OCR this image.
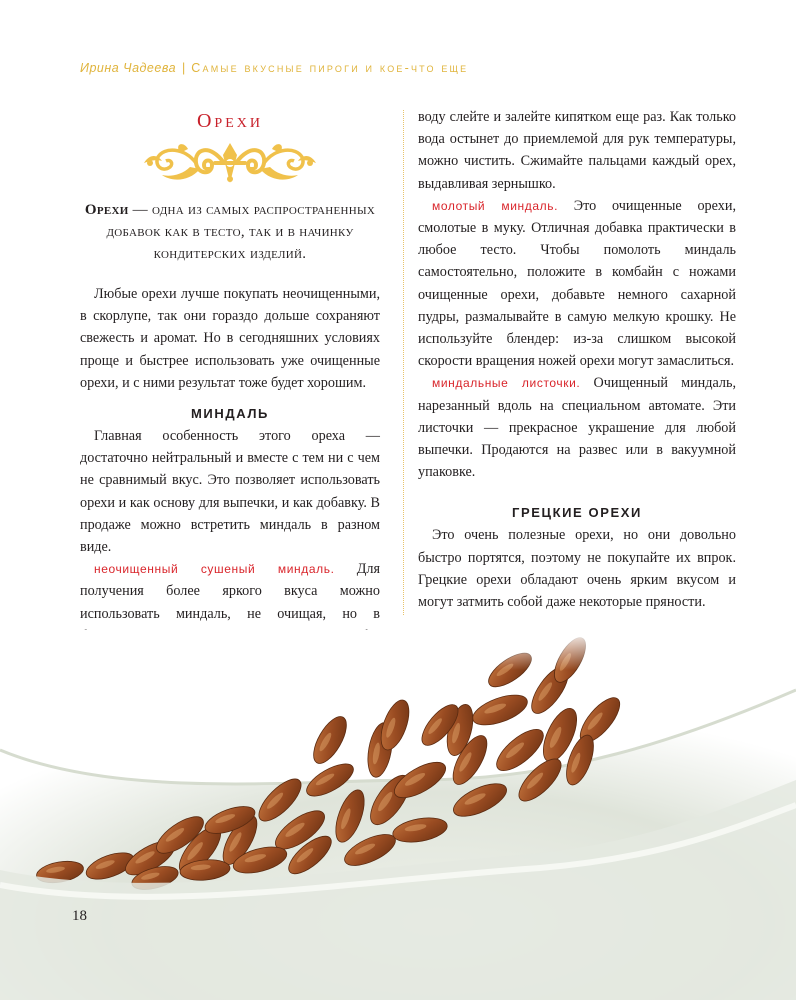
Ирина Чадеева | Самые вкусные пироги и кое-что еще
Орехи
Орехи — одна из самых распространенных добавок как в тесто, так и в начинку кондитерских изделий.

Любые орехи лучше покупать неочищенными, в скорлупе, так они гораздо дольше сохраняют свежесть и аромат. Но в сегодняшних условиях проще и быстрее использовать уже очищенные орехи, и с ними результат тоже будет хорошим.

МИНДАЛЬ

Главная особенность этого ореха — достаточно нейтральный и вместе с тем ни с чем не сравнимый вкус. Это позволяет использовать орехи и как основу для выпечки, и как добавку. В продаже можно встретить миндаль в разном виде.

неочищенный сушеный миндаль. Для получения более яркого вкуса можно использовать миндаль, не очищая, но в

воду слейте и залейте кипятком еще раз. Как только вода остынет до приемлемой для рук температуры, можно чистить. Сжимайте пальцами каждый орех, выдавливая зернышко.

молотый миндаль. Это очищенные орехи, смолотые в муку. Отличная добавка практически в любое тесто. Чтобы помолоть миндаль самостоятельно, положите в комбайн с ножами очищенные орехи, добавьте немного сахарной пудры, размалывайте в самую мелкую крошку. Не используйте блендер: из-за слишком высокой скорости вращения ножей орехи могут замаслиться.

миндальные листочки. Очищенный миндаль, нарезанный вдоль на специальном автомате. Эти листочки — прекрасное украшение для любой выпечки. Продаются на развес или в вакуумной упаковке.

ГРЕЦКИЕ ОРЕХИ

Это очень полезные орехи, но они довольно быстро портятся, поэтому не покупайте их впрок. Грецкие орехи обладают очень ярким вкусом и могут затмить собой даже некоторые пряности.

18
